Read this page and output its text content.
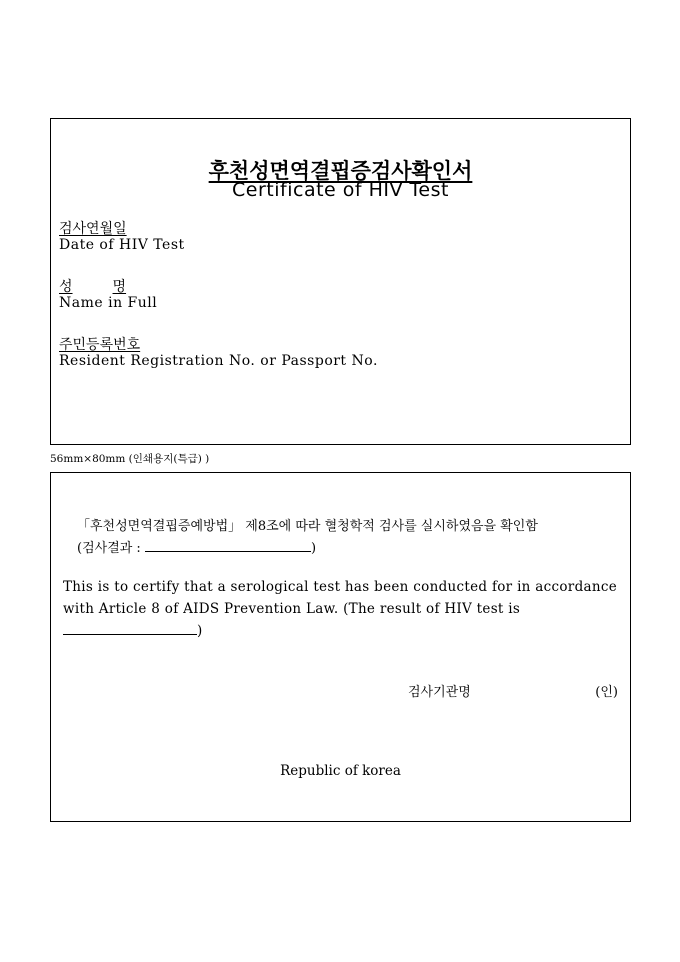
후천성면역결핍증검사확인서
Certificate of HIV Test
검사연월일
Date of HIV Test
성	명
Name in Full
주민등록번호
Resident Registration No. or Passport No.
56mm×80mm (인쇄용지(특급) )
「후천성면역결핍증예방법」 제8조에 따라 혈청학적 검사를 실시하였음을 확인함
(검사결과 :	)
This is to certify that a serological test has been conducted for in accordance with Article 8 of AIDS Prevention Law. (The result of HIV test is
)
검사기관명	(인)
Republic of korea
